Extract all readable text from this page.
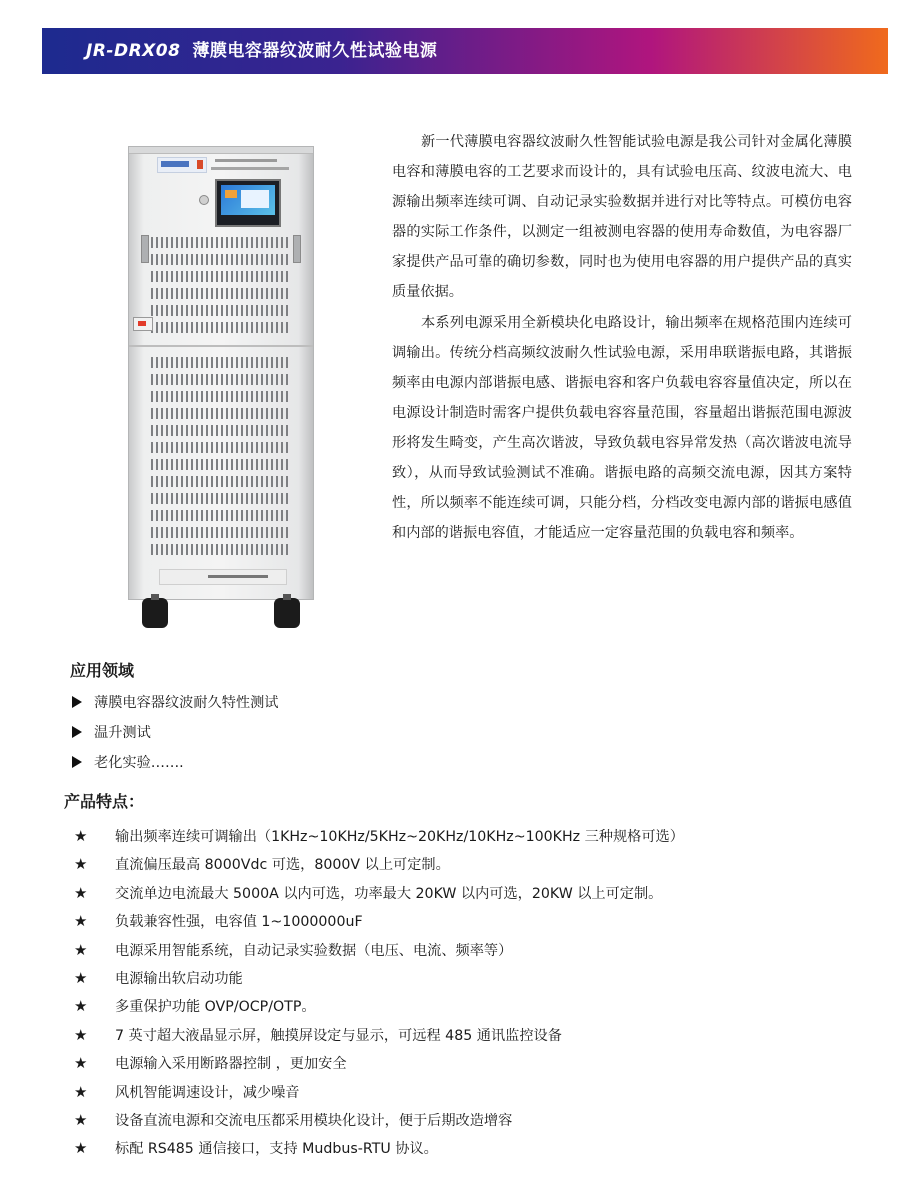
JR-DRX08 薄膜电容器纹波耐久性试验电源

新一代薄膜电容器纹波耐久性智能试验电源是我公司针对金属化薄膜电容和薄膜电容的工艺要求而设计的，具有试验电压高、纹波电流大、电源输出频率连续可调、自动记录实验数据并进行对比等特点。可模仿电容器的实际工作条件，以测定一组被测电容器的使用寿命数值，为电容器厂家提供产品可靠的确切参数，同时也为使用电容器的用户提供产品的真实质量依据。

本系列电源采用全新模块化电路设计，输出频率在规格范围内连续可调输出。传统分档高频纹波耐久性试验电源，采用串联谐振电路，其谐振频率由电源内部谐振电感、谐振电容和客户负载电容容量值决定，所以在电源设计制造时需客户提供负载电容容量范围，容量超出谐振范围电源波形将发生畸变，产生高次谐波，导致负载电容异常发热（高次谐波电流导致），从而导致试验测试不准确。谐振电路的高频交流电源，因其方案特性，所以频率不能连续可调，只能分档，分档改变电源内部的谐振电感值和内部的谐振电容值，才能适应一定容量范围的负载电容和频率。

应用领域
薄膜电容器纹波耐久特性测试
温升测试
老化实验…….
产品特点：
★ 输出频率连续可调输出（1KHz~10KHz/5KHz~20KHz/10KHz~100KHz 三种规格可选）
★ 直流偏压最高 8000Vdc 可选，8000V 以上可定制。
★ 交流单边电流最大 5000A 以内可选，功率最大 20KW 以内可选，20KW 以上可定制。
★ 负载兼容性强，电容值 1~1000000uF
★ 电源采用智能系统，自动记录实验数据（电压、电流、频率等）
★ 电源输出软启动功能
★ 多重保护功能 OVP/OCP/OTP。
★ 7 英寸超大液晶显示屏，触摸屏设定与显示，可远程 485 通讯监控设备
★ 电源输入采用断路器控制 ，更加安全
★ 风机智能调速设计，减少噪音
★ 设备直流电源和交流电压都采用模块化设计，便于后期改造增容
★ 标配 RS485 通信接口，支持 Mudbus-RTU 协议。
